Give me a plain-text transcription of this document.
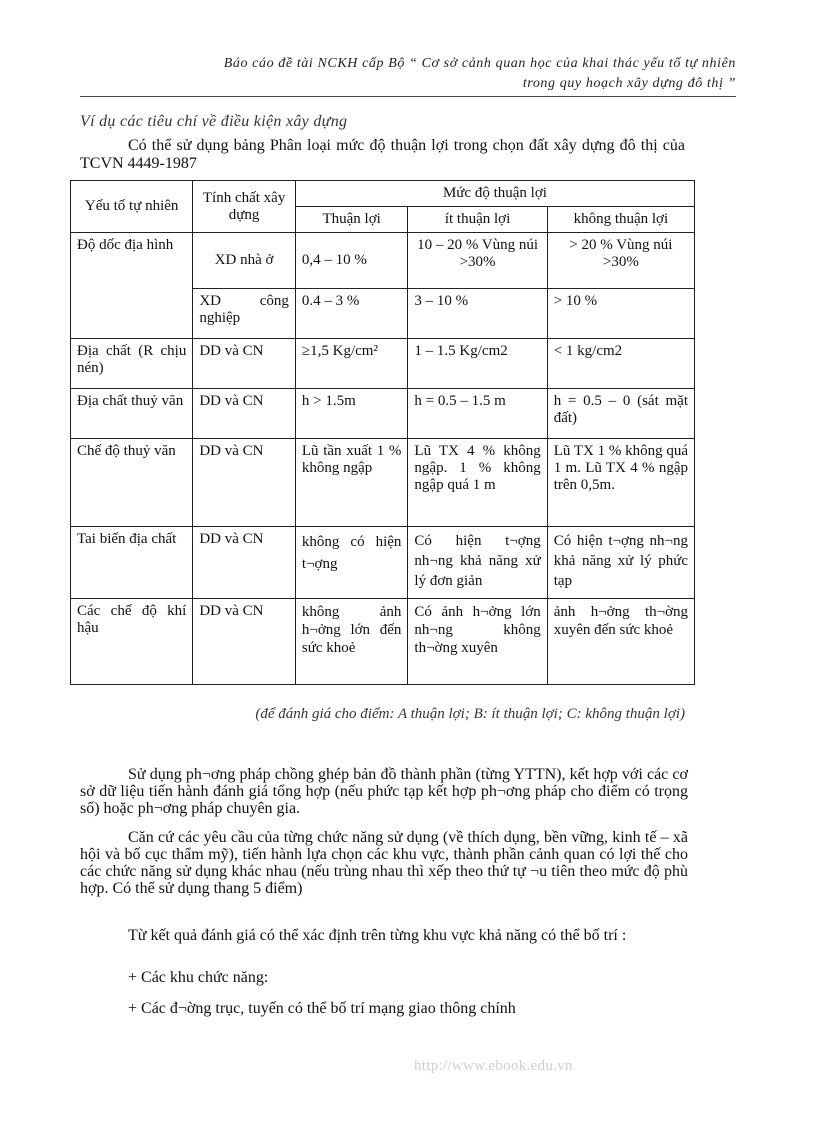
Báo cáo đề tài NCKH cấp Bộ “ Cơ sở cảnh quan học của khai thác yếu tố tự nhiên
trong quy hoạch xây dựng đô thị ”
Ví dụ các tiêu chí về điều kiện xây dựng
Có thể sử dụng bảng Phân loại mức độ thuận lợi trong chọn đất xây dựng đô thị của TCVN 4449-1987
Yếu tố tự nhiên	Tính chất xây dựng	Mức độ thuận lợi		
		Thuận lợi	ít thuận lợi	không thuận lợi
Độ dốc địa hình	XD nhà ở	0,4 – 10 %	10 – 20 % Vùng núi >30%	> 20 % Vùng núi >30%
	XD công nghiệp	0.4 – 3 %	3 – 10 %	> 10 %
Địa chất (R chịu nén)	DD và CN	≥1,5 Kg/cm²	1 – 1.5 Kg/cm2	< 1 kg/cm2
Địa chất thuỷ văn	DD và CN	h > 1.5m	h = 0.5 – 1.5 m	h = 0.5 – 0 (sát mặt đất)
Chế độ thuỷ văn	DD và CN	Lũ tần xuất 1 % không ngập	Lũ TX 4 % không ngập. 1 % không ngập quá 1 m	Lũ TX 1 % không quá 1 m. Lũ TX 4 % ngập trên 0,5m.
Tai biến địa chất	DD và CN	không có hiện t¬ợng	Có hiện t¬ợng nh¬ng khả năng xử lý đơn giản	Có hiện t¬ợng nh¬ng khả năng xử lý phức tạp
Các chế độ khí hậu	DD và CN	không ảnh h¬ởng lớn đến sức khoẻ	Có ảnh h¬ởng lớn nh¬ng không th¬ờng xuyên	ảnh h¬ởng th¬ờng xuyên đến sức khoẻ
(để đánh giá cho điểm: A thuận lợi; B: ít thuận lợi; C: không thuận lợi)
Sử dụng ph¬ơng pháp chồng ghép bản đồ thành phần (từng YTTN), kết hợp với các cơ sở dữ liệu tiến hành đánh giá tổng hợp (nếu phức tạp kết hợp ph¬ơng pháp cho điểm có trọng số) hoặc ph¬ơng pháp chuyên gia.
Căn cứ các yêu cầu của từng chức năng sử dụng (về thích dụng, bền vững, kinh tế – xã hội và bố cục thẩm mỹ), tiến hành lựa chọn các khu vực, thành phần cảnh quan có lợi thế cho các chức năng sử dụng khác nhau (nếu trùng nhau thì xếp theo thứ tự ¬u tiên theo mức độ phù hợp. Có thể sử dụng thang 5 điểm)
Từ kết quả đánh giá có thể xác định trên từng khu vực khả năng có thể bố trí :
+ Các khu chức năng:
+ Các đ¬ờng trục, tuyến có thể bố trí mạng giao thông chính
http://www.ebook.edu.vn
